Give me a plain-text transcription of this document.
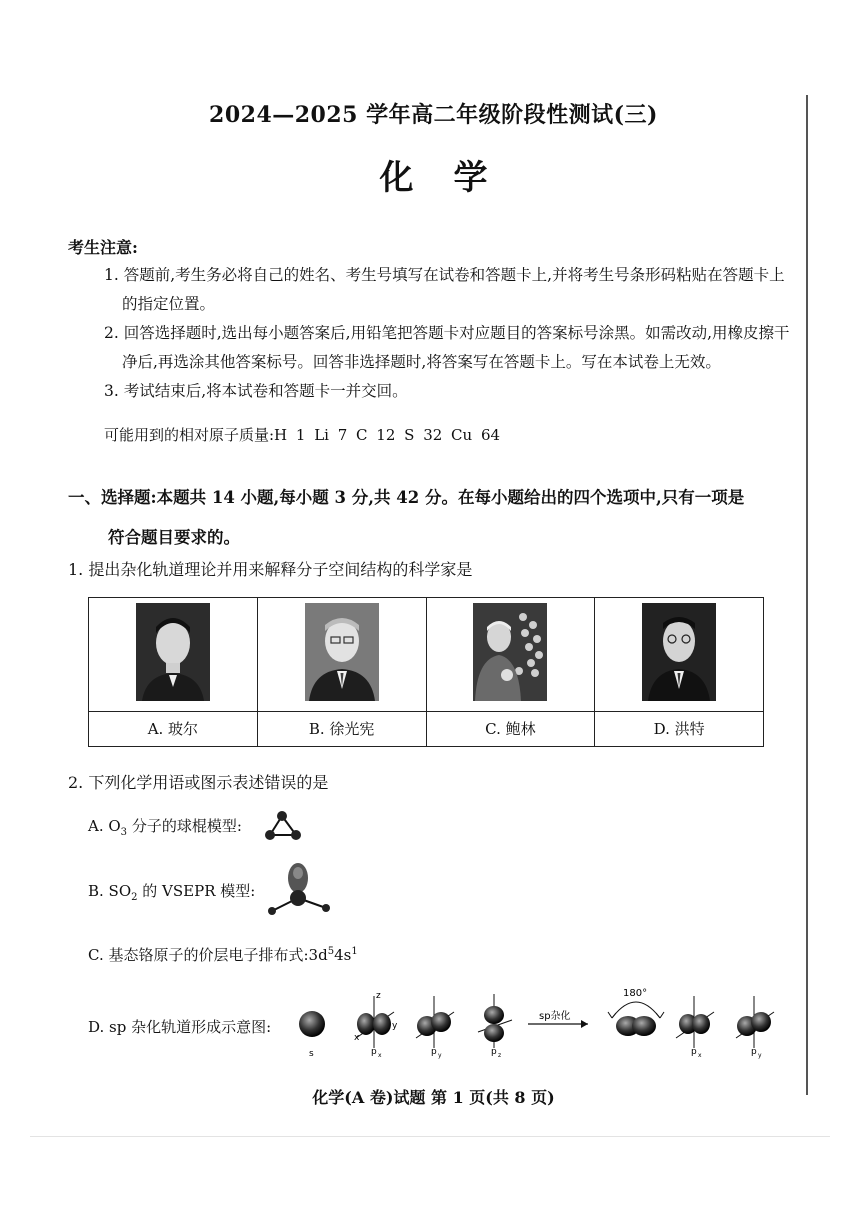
2024—2025 学年高二年级阶段性测试(三)
化学
考生注意:
1. 答题前,考生务必将自己的姓名、考生号填写在试卷和答题卡上,并将考生号条形码粘贴在答题卡上的指定位置。
2. 回答选择题时,选出每小题答案后,用铅笔把答题卡对应题目的答案标号涂黑。如需改动,用橡皮擦干净后,再选涂其他答案标号。回答非选择题时,将答案写在答题卡上。写在本试卷上无效。
3. 考试结束后,将本试卷和答题卡一并交回。
可能用到的相对原子质量:H 1 Li 7 C 12 S 32 Cu 64
一、选择题:本题共 14 小题,每小题 3 分,共 42 分。在每小题给出的四个选项中,只有一项是
符合题目要求的。
1. 提出杂化轨道理论并用来解释分子空间结构的科学家是

A. 玻尔	B. 徐光宪	C. 鲍林	D. 洪特
2. 下列化学用语或图示表述错误的是
A. $O_3$ 分子的球棍模型:
B. $SO_2$ 的 VSEPR 模型:
C. 基态铬原子的价层电子排布式$:3d^54s^1$
D. sp 杂化轨道形成示意图:
s
z
y
x
p x	p y	p z
sp杂化
180°
p x	p y
化学(A 卷)试题 第 1 页(共 8 页)
